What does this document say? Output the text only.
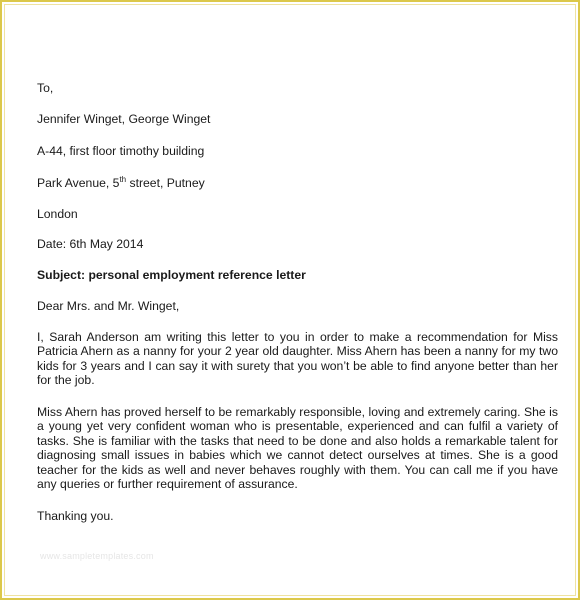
To,
Jennifer Winget, George Winget
A-44, first floor timothy building
Park Avenue, 5th street, Putney
London
Date: 6th May 2014
Subject: personal employment reference letter
Dear Mrs. and Mr. Winget,
I, Sarah Anderson am writing this letter to you in order to make a recommendation for Miss Patricia Ahern as a nanny for your 2 year old daughter. Miss Ahern has been a nanny for my two kids for 3 years and I can say it with surety that you won’t be able to find anyone better than her for the job.
Miss Ahern has proved herself to be remarkably responsible, loving and extremely caring. She is a young yet very confident woman who is presentable, experienced and can fulfil a variety of tasks. She is familiar with the tasks that need to be done and also holds a remarkable talent for diagnosing small issues in babies which we cannot detect ourselves at times. She is a good teacher for the kids as well and never behaves roughly with them. You can call me if you have any queries or further requirement of assurance.
Thanking you.
www.sampletemplates.com
